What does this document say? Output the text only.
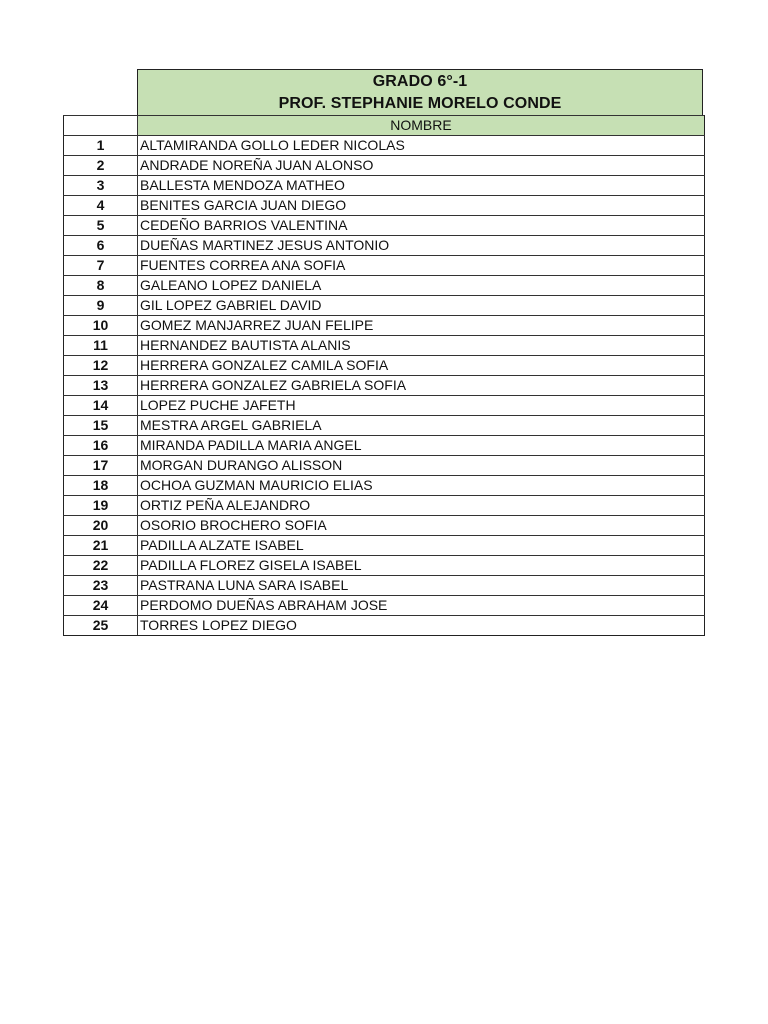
GRADO 6°-1
PROF. STEPHANIE MORELO CONDE
	NOMBRE
1	ALTAMIRANDA GOLLO LEDER NICOLAS
2	ANDRADE NOREÑA JUAN ALONSO
3	BALLESTA MENDOZA MATHEO
4	BENITES GARCIA JUAN DIEGO
5	CEDEÑO BARRIOS VALENTINA
6	DUEÑAS MARTINEZ JESUS ANTONIO
7	FUENTES CORREA ANA SOFIA
8	GALEANO LOPEZ DANIELA
9	GIL LOPEZ GABRIEL DAVID
10	GOMEZ MANJARREZ JUAN FELIPE
11	HERNANDEZ BAUTISTA ALANIS
12	HERRERA GONZALEZ CAMILA SOFIA
13	HERRERA GONZALEZ GABRIELA SOFIA
14	LOPEZ PUCHE JAFETH
15	MESTRA ARGEL GABRIELA
16	MIRANDA PADILLA MARIA ANGEL
17	MORGAN DURANGO ALISSON
18	OCHOA GUZMAN MAURICIO ELIAS
19	ORTIZ PEÑA ALEJANDRO
20	OSORIO BROCHERO SOFIA
21	PADILLA ALZATE ISABEL
22	PADILLA FLOREZ GISELA ISABEL
23	PASTRANA LUNA SARA ISABEL
24	PERDOMO DUEÑAS ABRAHAM JOSE
25	TORRES LOPEZ DIEGO
